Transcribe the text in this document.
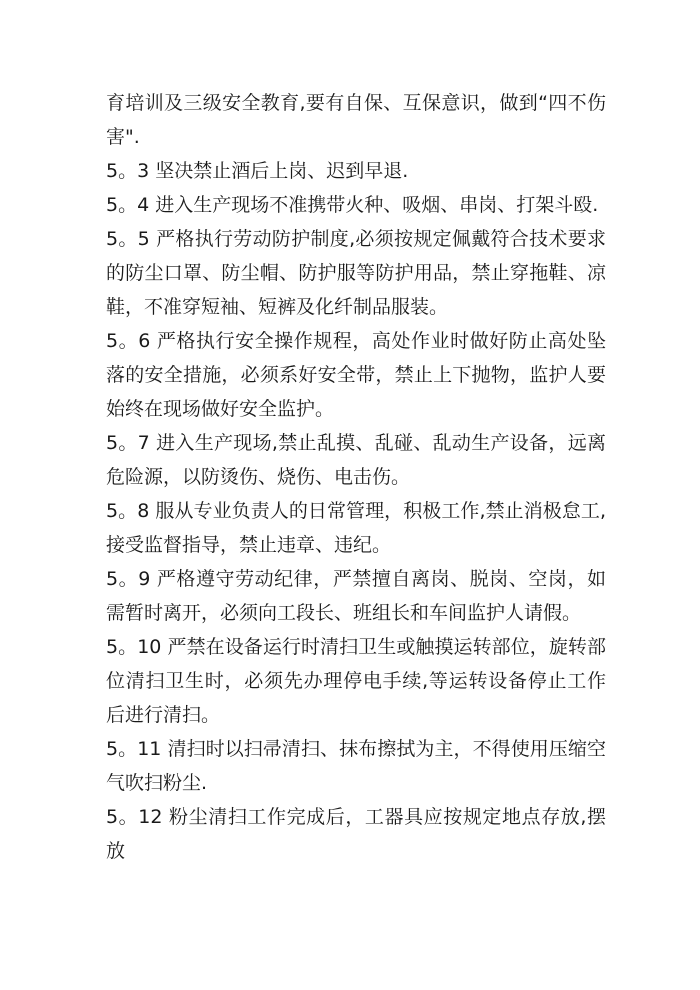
育培训及三级安全教育,要有自保、互保意识，做到“四不伤害".

5。3 坚决禁止酒后上岗、迟到早退.

5。4 进入生产现场不准携带火种、吸烟、串岗、打架斗殴.

5。5 严格执行劳动防护制度,必须按规定佩戴符合技术要求的防尘口罩、防尘帽、防护服等防护用品，禁止穿拖鞋、凉鞋，不准穿短袖、短裤及化纤制品服装。

5。6 严格执行安全操作规程，高处作业时做好防止高处坠落的安全措施，必须系好安全带，禁止上下抛物，监护人要始终在现场做好安全监护。

5。7 进入生产现场,禁止乱摸、乱碰、乱动生产设备，远离危险源，以防烫伤、烧伤、电击伤。

5。8 服从专业负责人的日常管理，积极工作,禁止消极怠工,接受监督指导，禁止违章、违纪。

5。9 严格遵守劳动纪律，严禁擅自离岗、脱岗、空岗，如需暂时离开，必须向工段长、班组长和车间监护人请假。

5。10 严禁在设备运行时清扫卫生或触摸运转部位，旋转部位清扫卫生时，必须先办理停电手续,等运转设备停止工作后进行清扫。

5。11 清扫时以扫帚清扫、抹布擦拭为主，不得使用压缩空气吹扫粉尘.

5。12 粉尘清扫工作完成后，工器具应按规定地点存放,摆放
